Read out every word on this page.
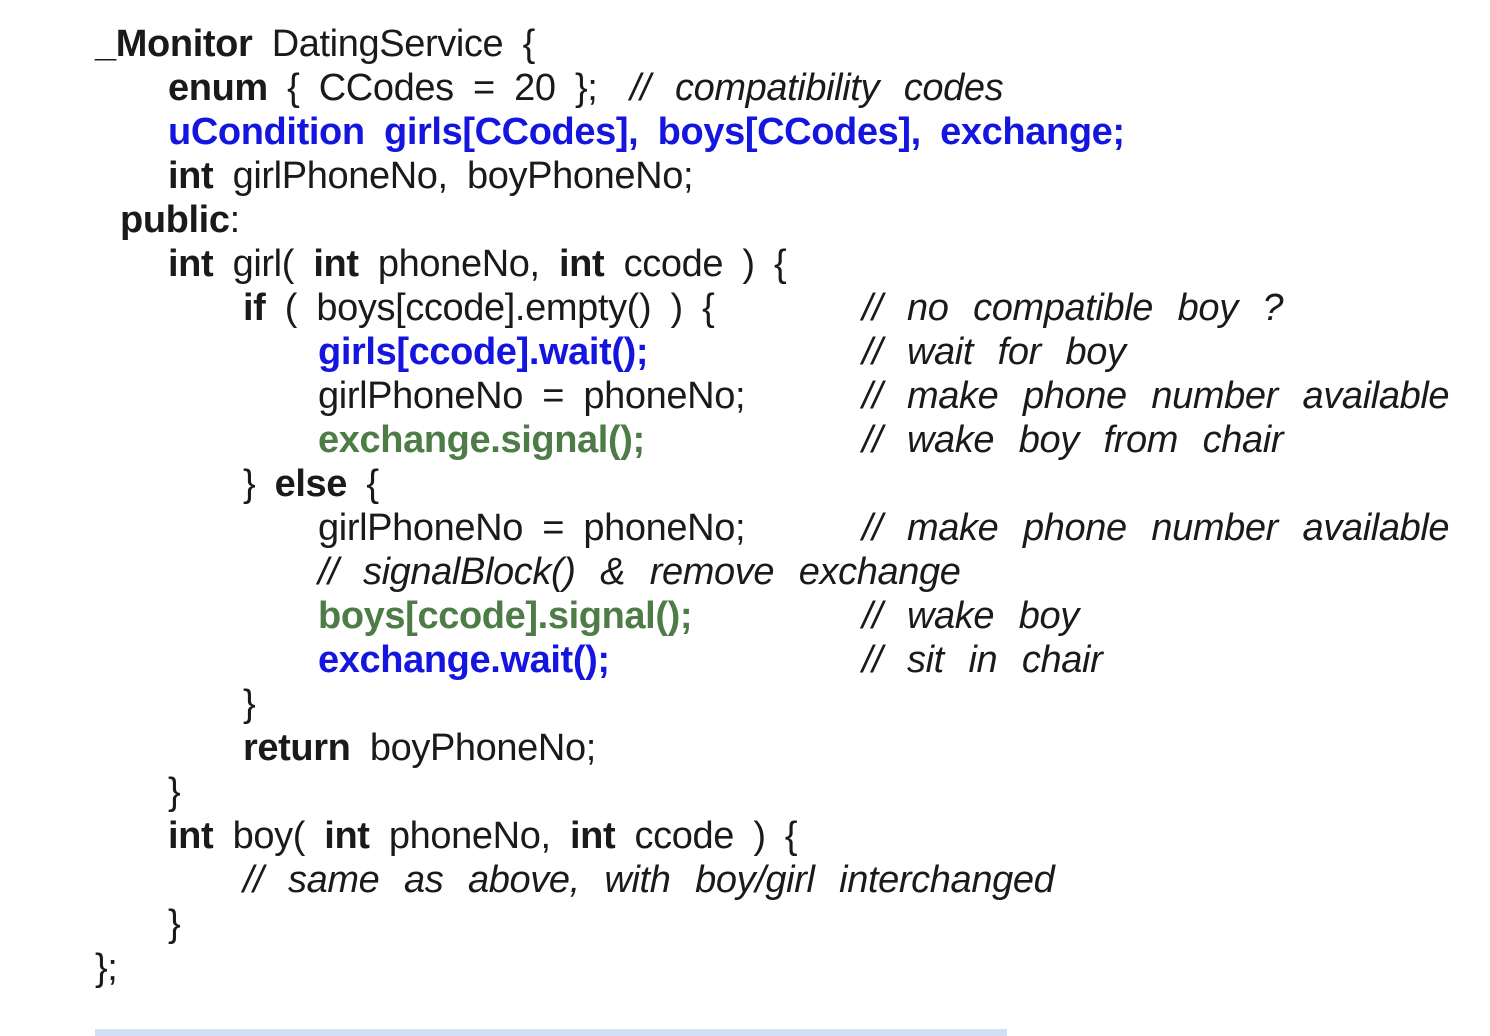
_Monitor DatingService {
enum { CCodes = 20 }; // compatibility codes
uCondition girls[CCodes], boys[CCodes], exchange;
int girlPhoneNo, boyPhoneNo;
public:
int girl( int phoneNo, int ccode ) {
if ( boys[ccode].empty() ) {	// no compatible boy ?
girls[ccode].wait();	// wait for boy
girlPhoneNo = phoneNo;	// make phone number available
exchange.signal();	// wake boy from chair
} else {
girlPhoneNo = phoneNo;	// make phone number available
// signalBlock() & remove exchange
boys[ccode].signal();	// wake boy
exchange.wait();	// sit in chair
}
return boyPhoneNo;
}
int boy( int phoneNo, int ccode ) {
// same as above, with boy/girl interchanged
}
};
